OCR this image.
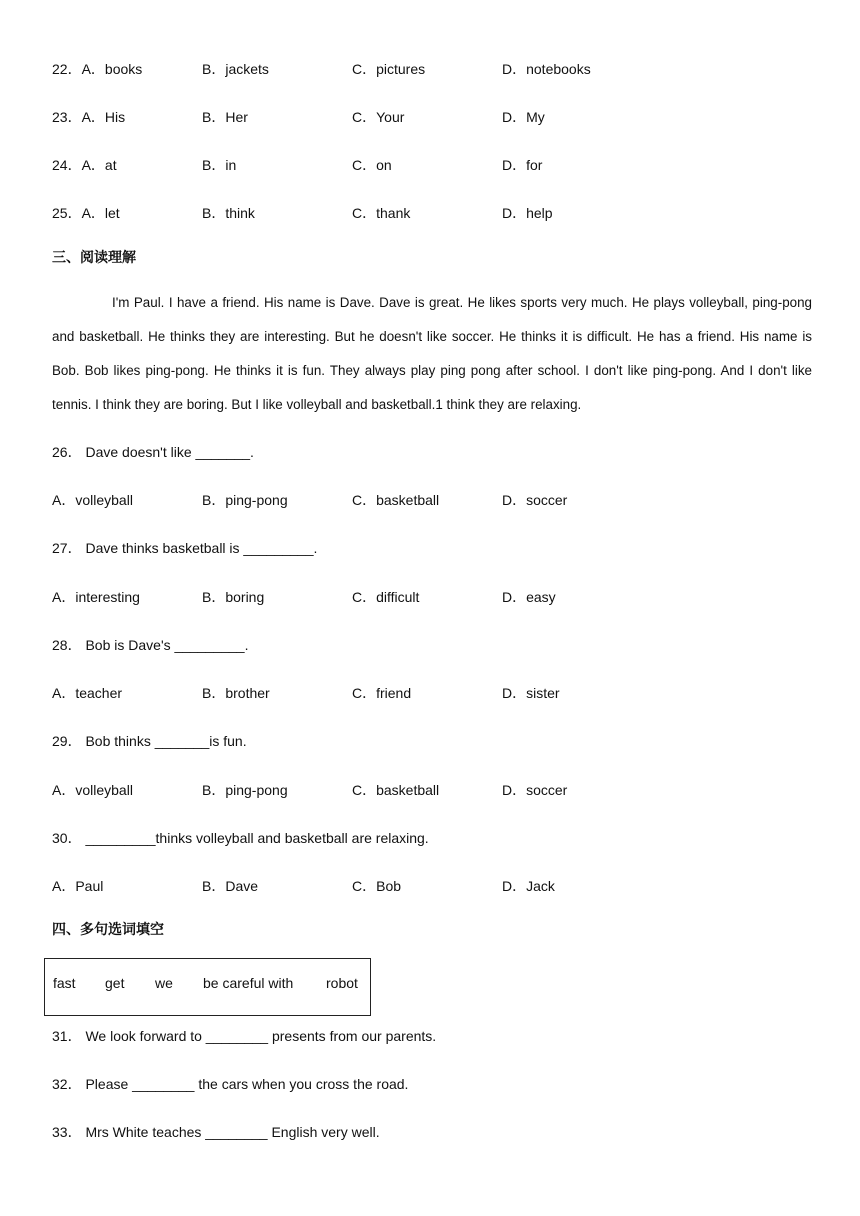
22．A．books	B．jackets	C．pictures	D．notebooks
23．A．His	B．Her	C．Your	D．My
24．A．at	B．in	C．on	D．for
25．A．let	B．think	C．thank	D．help
三、阅读理解

I'm Paul. I have a friend. His name is Dave. Dave is great. He likes sports very much. He plays volleyball, ping-pong and basketball. He thinks they are interesting. But he doesn't like soccer. He thinks it is difficult. He has a friend. His name is Bob. Bob likes ping-pong. He thinks it is fun. They always play ping pong after school. I don't like ping-pong. And I don't like tennis. I think they are boring. But I like volleyball and basketball.1 think they are relaxing.

26． Dave doesn't like _______.
A．volleyball	B．ping-pong	C．basketball	D．soccer
27． Dave thinks basketball is _________.
A．interesting	B．boring	C．difficult	D．easy
28． Bob is Dave's _________.
A．teacher	B．brother	C．friend	D．sister
29． Bob thinks _______is fun.
A．volleyball	B．ping-pong	C．basketball	D．soccer
30． _________thinks volleyball and basketball are relaxing.
A．Paul	B．Dave	C．Bob	D．Jack
四、多句选词填空
fast get we be careful with robot
31． We look forward to ________ presents from our parents.
32． Please ________ the cars when you cross the road.
33． Mrs White teaches ________ English very well.
